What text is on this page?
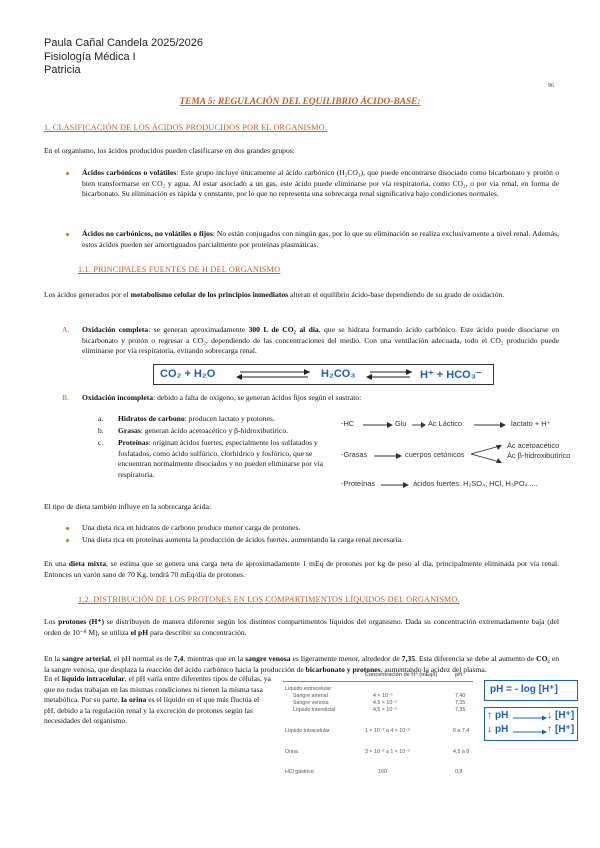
Paula Cañal Candela 2025/2026
Fisiología Médica I
Patricia
96
TEMA 5: REGULACIÓN DEL EQUILIBRIO ÁCIDO-BASE:
1. CLASIFICACIÓN DE LOS ÁCIDOS PRODUCIDOS POR EL ORGANISMO.
En el organismo, los ácidos producidos pueden clasificarse en dos grandes grupos:
Ácidos carbónicos o volátiles: Este grupo incluye únicamente al ácido carbónico (H₂CO₃), que puede encontrarse disociado como bicarbonato y protón o bien transformarse en CO₂ y agua. Al estar asociado a un gas, este ácido puede eliminarse por vía respiratoria, como CO₂, o por vía renal, en forma de bicarbonato. Su eliminación es rápida y constante, por lo que no representa una sobrecarga renal significativa bajo condiciones normales.
Ácidos no carbónicos, no volátiles o fijos: No están conjugados con ningún gas, por lo que su eliminación se realiza exclusivamente a nivel renal. Además, estos ácidos pueden ser amortiguados parcialmente por proteínas plasmáticas.
1.1. PRINCIPALES FUENTES DE H DEL ORGANISMO
Los ácidos generados por el metabolismo celular de los principios inmediatos alteran el equilibrio ácido-base dependiendo de su grado de oxidación.
A. Oxidación completa: se generan aproximadamente 300 L de CO₂ al día, que se hidrata formando ácido carbónico. Este ácido puede disociarse en bicarbonato y protón o regresar a CO₂, dependiendo de las concentraciones del medio. Con una ventilación adecuada, todo el CO₂ producido puede eliminarse por vía respiratoria, evitando sobrecarga renal.
CO₂ + H₂O	H₂CO₃	H⁺ + HCO₃⁻
B. Oxidación incompleta: debido a falta de oxígeno, se generan ácidos fijos según el sustrato:
a. Hidratos de carbono: producen lactato y protones.
b. Grasas: generan ácido acetoacético y β-hidroxibutírico.
c. Proteínas: originan ácidos fuertes, especialmente los sulfatados y fosfatados, como ácido sulfúrico, clorhídrico y fosfórico, que se encuentran normalmente disociados y no pueden eliminarse por vía respiratoria.
-HC	Glu	Ac Láctico	lactato + H⁺
-Grasas	cuerpos cetónicos
Ác acetoacético
Ác β-hidroxibutírico
-Proteínas	ácidos fuertes: H₂SO₄, HCl, H₃PO₄ ....
El tipo de dieta también influye en la sobrecarga ácida:
Una dieta rica en hidratos de carbono produce menor carga de protones.
Una dieta rica en proteínas aumenta la producción de ácidos fuertes, aumentando la carga renal necesaria.
En una dieta mixta, se estima que se genera una carga neta de aproximadamente 1 mEq de protones por kg de peso al día, principalmente eliminada por vía renal. Entonces un varón sano de 70 Kg, tendrá 70 mEq/día de protones.
1.2. DISTRIBUCIÓN DE LOS PROTONES EN LOS COMPARTIMENTOS LÍQUIDOS DEL ORGANISMO.
Los protones (H⁺) se distribuyen de manera diferente según los distintos compartimentos líquidos del organismo. Dada su concentración extremadamente baja (del orden de 10⁻⁸ M), se utiliza el pH para describir su concentración.
En la sangre arterial, el pH normal es de 7,4, mientras que en la sangre venosa es ligeramente menor, alrededor de 7,35. Esta diferencia se debe al aumento de CO₂ en la sangre venosa, que desplaza la reacción del ácido carbónico hacia la producción de bicarbonato y protones, aumentando la acidez del plasma.
En el líquido intracelular, el pH varía entre diferentes tipos de células, ya que no todas trabajan en las mismas condiciones ni tienen la misma tasa metabólica. Por su parte, la orina es el líquido en el que más fluctúa el pH, debido a la regulación renal y la excreción de protones según las necesidades del organismo.
Concentración de H⁺ (mEq/l)	pH
Líquido extracelular
Sangre arterial	4 × 10⁻⁵	7,40
Sangre venosa	4,5 × 10⁻⁵	7,35
Líquido intersticial	4,5 × 10⁻⁵	7,35
Líquido intracelular	1 × 10⁻³ a 4 × 10⁻⁵	6 a 7,4
Orina	3 × 10⁻² a 1 × 10⁻⁵	4,5 a 8
HCl gástrico	160	0,8
pH = - log [H⁺]
↑ pH	↓ [H⁺]
↓ pH	↑ [H⁺]
